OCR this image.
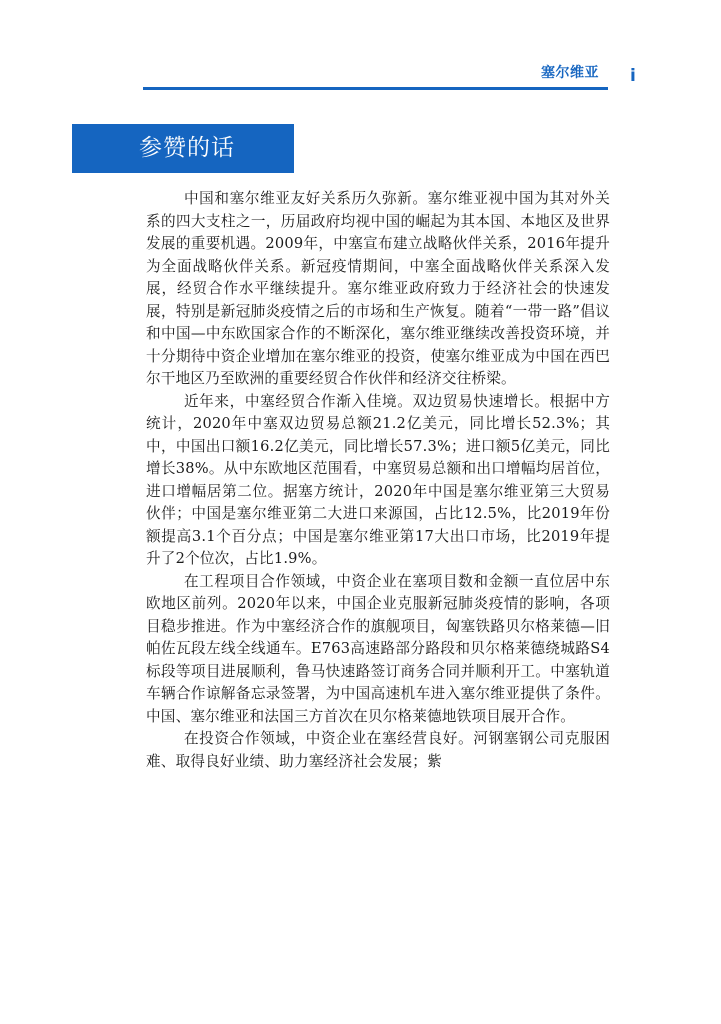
塞尔维亚 i
参赞的话

中国和塞尔维亚友好关系历久弥新。塞尔维亚视中国为其对外关系的四大支柱之一，历届政府均视中国的崛起为其本国、本地区及世界发展的重要机遇。2009年，中塞宣布建立战略伙伴关系，2016年提升为全面战略伙伴关系。新冠疫情期间，中塞全面战略伙伴关系深入发展，经贸合作水平继续提升。塞尔维亚政府致力于经济社会的快速发展，特别是新冠肺炎疫情之后的市场和生产恢复。随着“一带一路”倡议和中国—中东欧国家合作的不断深化，塞尔维亚继续改善投资环境，并十分期待中资企业增加在塞尔维亚的投资，使塞尔维亚成为中国在西巴尔干地区乃至欧洲的重要经贸合作伙伴和经济交往桥梁。

近年来，中塞经贸合作渐入佳境。双边贸易快速增长。根据中方统计，2020年中塞双边贸易总额21.2亿美元，同比增长52.3%；其中，中国出口额16.2亿美元，同比增长57.3%；进口额5亿美元，同比增长38%。从中东欧地区范围看，中塞贸易总额和出口增幅均居首位，进口增幅居第二位。据塞方统计，2020年中国是塞尔维亚第三大贸易伙伴；中国是塞尔维亚第二大进口来源国，占比12.5%，比2019年份额提高3.1个百分点；中国是塞尔维亚第17大出口市场，比2019年提升了2个位次，占比1.9%。

在工程项目合作领域，中资企业在塞项目数和金额一直位居中东欧地区前列。2020年以来，中国企业克服新冠肺炎疫情的影响，各项目稳步推进。作为中塞经济合作的旗舰项目，匈塞铁路贝尔格莱德—旧帕佐瓦段左线全线通车。E763高速路部分路段和贝尔格莱德绕城路S4标段等项目进展顺利，鲁马快速路签订商务合同并顺利开工。中塞轨道车辆合作谅解备忘录签署，为中国高速机车进入塞尔维亚提供了条件。中国、塞尔维亚和法国三方首次在贝尔格莱德地铁项目展开合作。

在投资合作领域，中资企业在塞经营良好。河钢塞钢公司克服困难、取得良好业绩、助力塞经济社会发展；紫
